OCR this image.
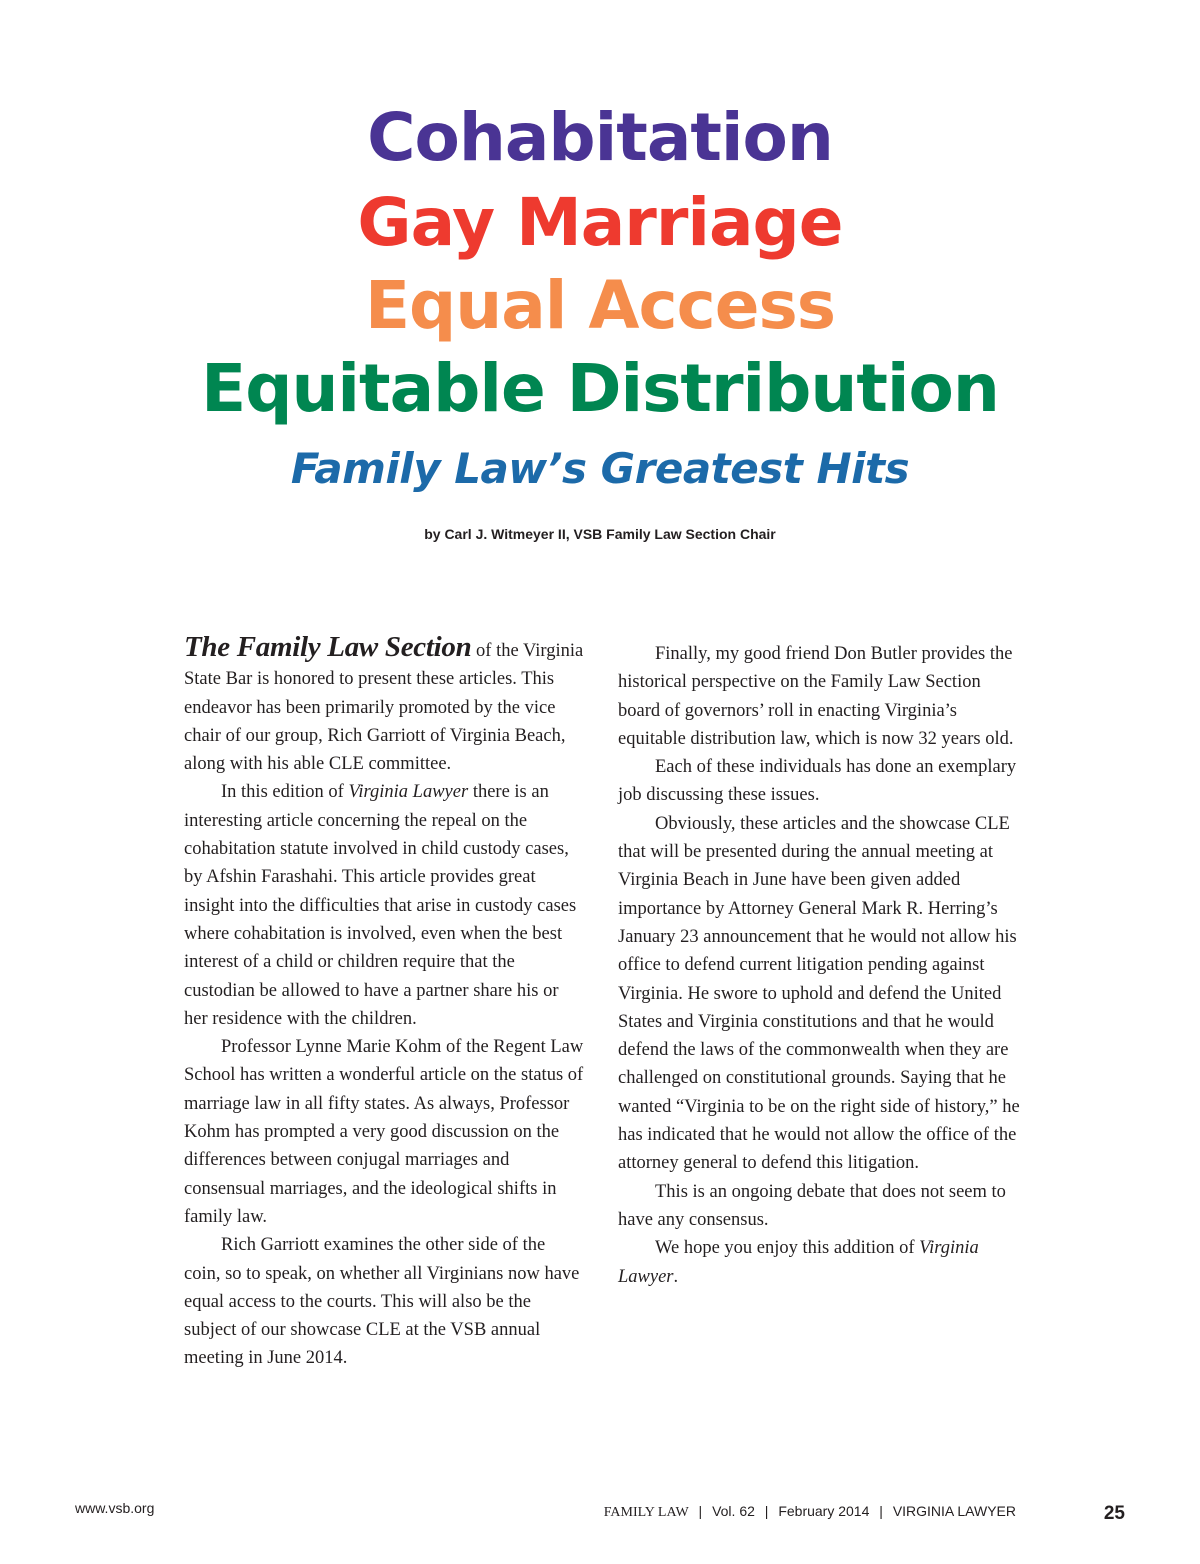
Cohabitation
Gay Marriage
Equal Access
Equitable Distribution
Family Law’s Greatest Hits
by Carl J. Witmeyer II, VSB Family Law Section Chair

The Family Law Section of the Virginia State Bar is honored to present these articles. This endeavor has been primarily promoted by the vice chair of our group, Rich Garriott of Virginia Beach, along with his able CLE committee.

In this edition of Virginia Lawyer there is an interesting article concerning the repeal on the cohabitation statute involved in child custody cases, by Afshin Farashahi. This article provides great insight into the difficulties that arise in custody cases where cohabitation is involved, even when the best interest of a child or children require that the custodian be allowed to have a partner share his or her residence with the children.

Professor Lynne Marie Kohm of the Regent Law School has written a wonderful article on the status of marriage law in all fifty states. As always, Professor Kohm has prompted a very good discussion on the differences between conjugal marriages and consensual marriages, and the ideological shifts in family law.

Rich Garriott examines the other side of the coin, so to speak, on whether all Virginians now have equal access to the courts. This will also be the subject of our showcase CLE at the VSB annual meeting in June 2014.

Finally, my good friend Don Butler provides the historical perspective on the Family Law Section board of governors’ roll in enacting Virginia’s equitable distribution law, which is now 32 years old.

Each of these individuals has done an exemplary job discussing these issues.

Obviously, these articles and the showcase CLE that will be presented during the annual meeting at Virginia Beach in June have been given added importance by Attorney General Mark R. Herring’s January 23 announcement that he would not allow his office to defend current litigation pending against Virginia. He swore to uphold and defend the United States and Virginia constitutions and that he would defend the laws of the commonwealth when they are challenged on constitutional grounds. Saying that he wanted “Virginia to be on the right side of history,” he has indicated that he would not allow the office of the attorney general to defend this litigation.

This is an ongoing debate that does not seem to have any consensus.

We hope you enjoy this addition of Virginia Lawyer.

www.vsb.org	FAMILY LAW | Vol. 62 | February 2014 | VIRGINIA LAWYER	25
